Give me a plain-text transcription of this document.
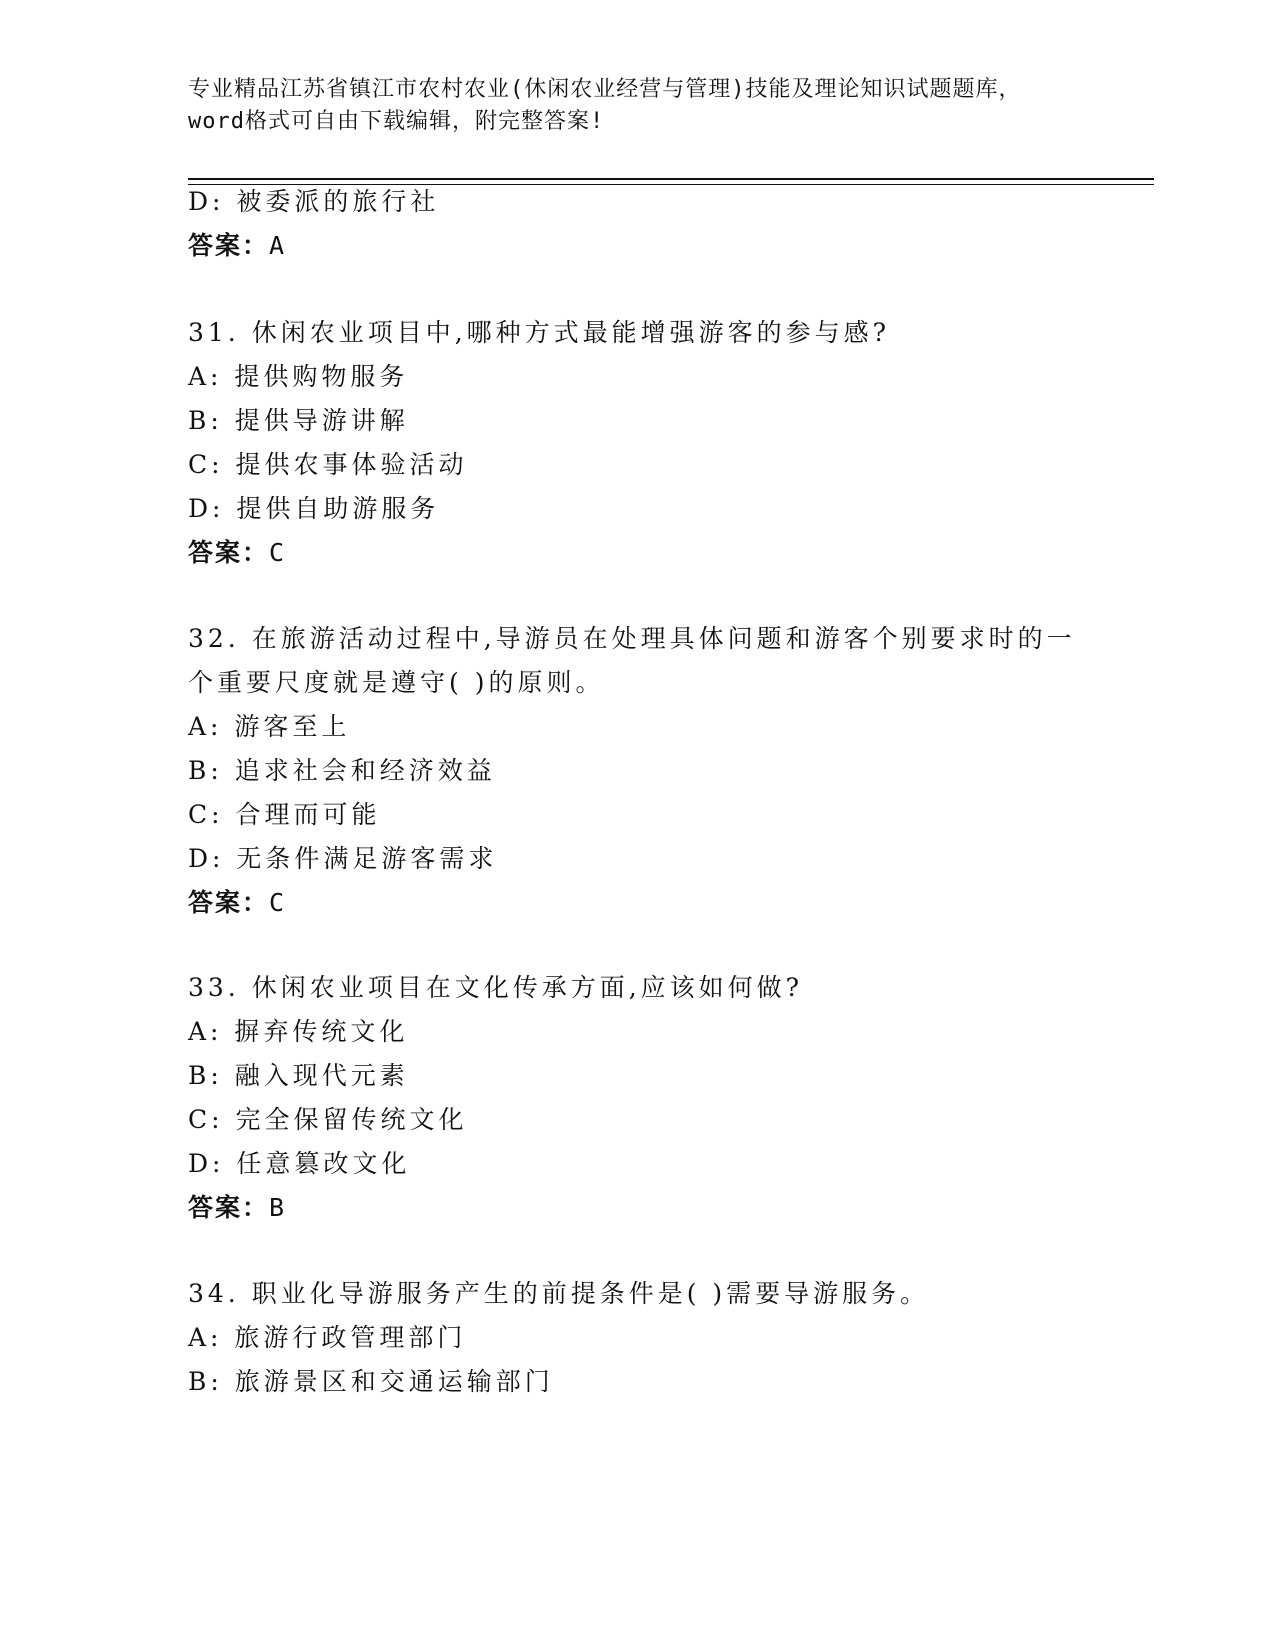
专业精品江苏省镇江市农村农业(休闲农业经营与管理)技能及理论知识试题题库，
word格式可自由下载编辑，附完整答案!
D: 被委派的旅行社
答案：A
31. 休闲农业项目中,哪种方式最能增强游客的参与感?
A: 提供购物服务
B: 提供导游讲解
C: 提供农事体验活动
D: 提供自助游服务
答案：C
32. 在旅游活动过程中,导游员在处理具体问题和游客个别要求时的一
个重要尺度就是遵守( )的原则。
A: 游客至上
B: 追求社会和经济效益
C: 合理而可能
D: 无条件满足游客需求
答案：C
33. 休闲农业项目在文化传承方面,应该如何做?
A: 摒弃传统文化
B: 融入现代元素
C: 完全保留传统文化
D: 任意篡改文化
答案：B
34. 职业化导游服务产生的前提条件是( )需要导游服务。
A: 旅游行政管理部门
B: 旅游景区和交通运输部门
